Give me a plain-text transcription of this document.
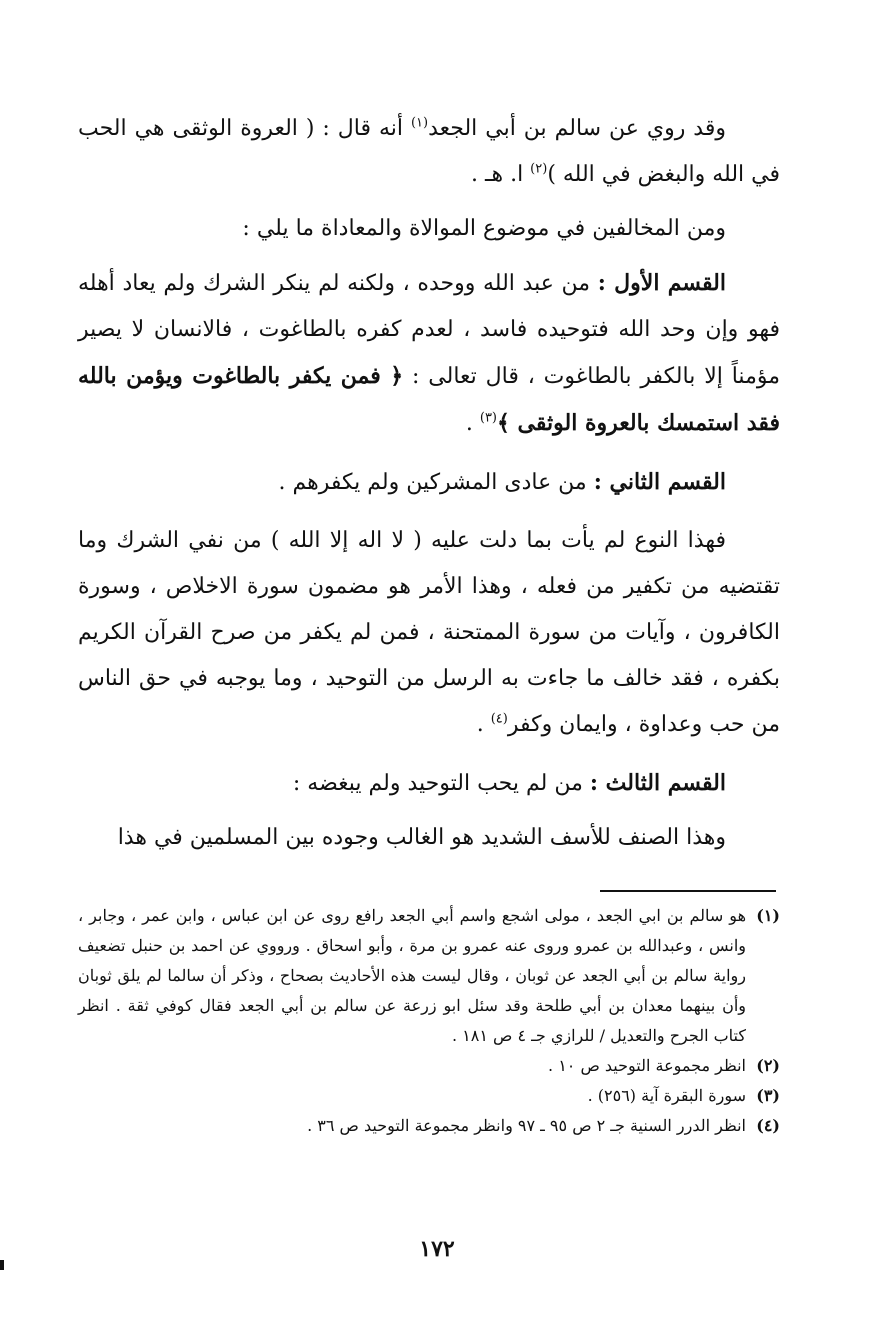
وقد روي عن سالم بن أبي الجعد$^{(١)}$ أنه قال : ( العروة الوثقى هي الحب في الله والبغض في الله )$^{(٢)}$ ا. هـ .

ومن المخالفين في موضوع الموالاة والمعاداة ما يلي :

القسم الأول : من عبد الله ووحده ، ولكنه لم ينكر الشرك ولم يعاد أهله فهو وإن وحد الله فتوحيده فاسد ، لعدم كفره بالطاغوت ، فالانسان لا يصير مؤمناً إلا بالكفر بالطاغوت ، قال تعالى : ﴿ فمن يكفر بالطاغوت ويؤمن بالله فقد استمسك بالعروة الوثقى ﴾$^{(٣)}$ .

القسم الثاني : من عادى المشركين ولم يكفرهم .

فهذا النوع لم يأت بما دلت عليه ( لا اله إلا الله ) من نفي الشرك وما تقتضيه من تكفير من فعله ، وهذا الأمر هو مضمون سورة الاخلاص ، وسورة الكافرون ، وآيات من سورة الممتحنة ، فمن لم يكفر من صرح القرآن الكريم بكفره ، فقد خالف ما جاءت به الرسل من التوحيد ، وما يوجبه في حق الناس من حب وعداوة ، وايمان وكفر$^{(٤)}$ .

القسم الثالث : من لم يحب التوحيد ولم يبغضه :

وهذا الصنف للأسف الشديد هو الغالب وجوده بين المسلمين في هذا

(١)
هو سالم بن ابي الجعد ، مولى اشجع واسم أبي الجعد رافع روى عن ابن عباس ، وابن عمر ، وجابر ، وانس ، وعبدالله بن عمرو وروى عنه عمرو بن مرة ، وأبو اسحاق . ورووي عن احمد بن حنبل تضعيف رواية سالم بن أبي الجعد عن ثوبان ، وقال ليست هذه الأحاديث بصحاح ، وذكر أن سالما لم يلق ثوبان وأن بينهما معدان بن أبي طلحة وقد سئل ابو زرعة عن سالم بن أبي الجعد فقال كوفي ثقة . انظر كتاب الجرح والتعديل / للرازي جـ ٤ ص ١٨١ .
(٢)
انظر مجموعة التوحيد ص ١٠ .
(٣)
سورة البقرة آية (٢٥٦) .
(٤)
انظر الدرر السنية جـ ٢ ص ٩٥ ـ ٩٧ وانظر مجموعة التوحيد ص ٣٦ .
١٧٢
